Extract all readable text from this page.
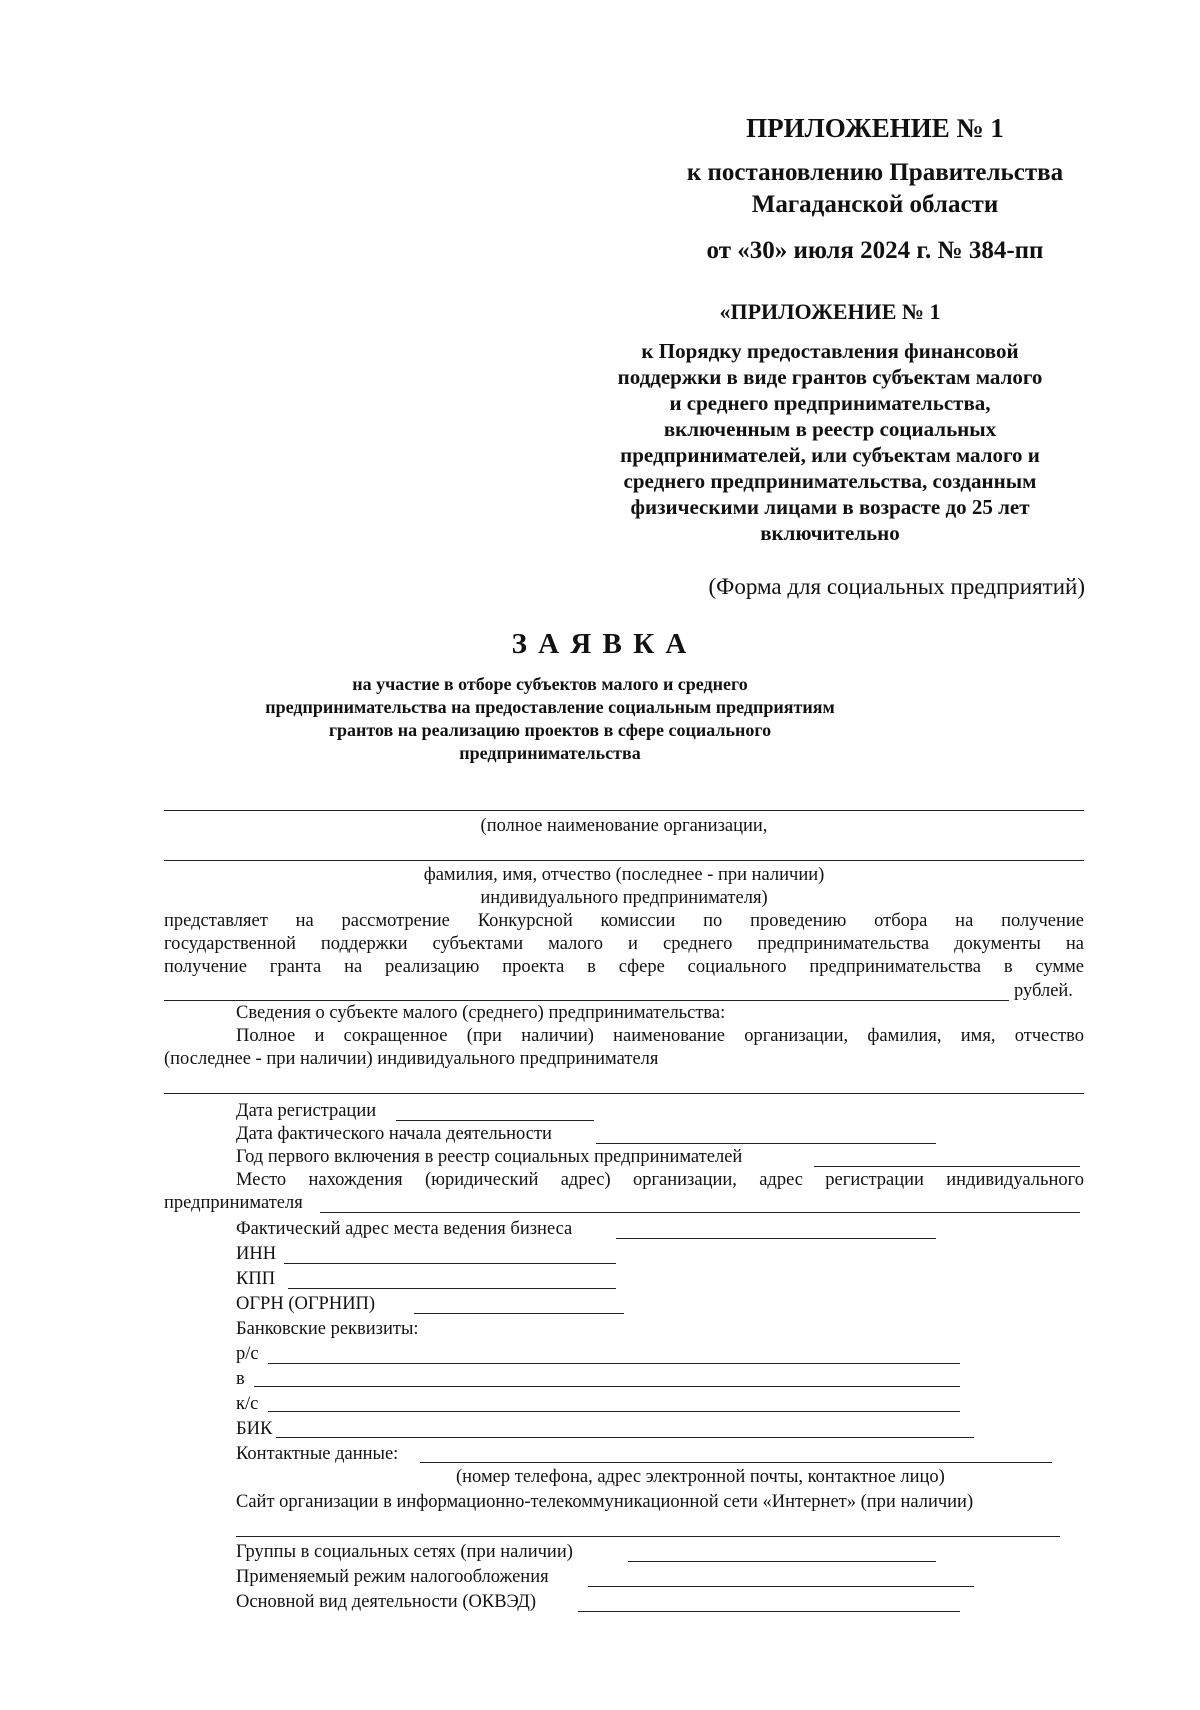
ПРИЛОЖЕНИЕ № 1
к постановлению Правительства
Магаданской области
от «30» июля 2024 г. № 384-пп
«ПРИЛОЖЕНИЕ № 1
к Порядку предоставления финансовой
поддержки в виде грантов субъектам малого
и среднего предпринимательства,
включенным в реестр социальных
предпринимателей, или субъектам малого и
среднего предпринимательства, созданным
физическими лицами в возрасте до 25 лет
включительно
(Форма для социальных предприятий)
З А Я В К А
на участие в отборе субъектов малого и среднего
предпринимательства на предоставление социальным предприятиям
грантов на реализацию проектов в сфере социального
предпринимательства
(полное наименование организации,
фамилия, имя, отчество (последнее - при наличии)
индивидуального предпринимателя)
представляет на рассмотрение Конкурсной комиссии по проведению отбора на получение
государственной поддержки субъектами малого и среднего предпринимательства документы на
получение гранта на реализацию проекта в сфере социального предпринимательства в сумме
рублей.
Сведения о субъекте малого (среднего) предпринимательства:
Полное и сокращенное (при наличии) наименование организации, фамилия, имя, отчество
(последнее - при наличии) индивидуального предпринимателя
Дата регистрации
Дата фактического начала деятельности
Год первого включения в реестр социальных предпринимателей
Место нахождения (юридический адрес) организации, адрес регистрации индивидуального
предпринимателя
Фактический адрес места ведения бизнеса
ИНН
КПП
ОГРН (ОГРНИП)
Банковские реквизиты:
р/с
в
к/с
БИК
Контактные данные:
(номер телефона, адрес электронной почты, контактное лицо)
Сайт организации в информационно-телекоммуникационной сети «Интернет» (при наличии)
Группы в социальных сетях (при наличии)
Применяемый режим налогообложения
Основной вид деятельности (ОКВЭД)
